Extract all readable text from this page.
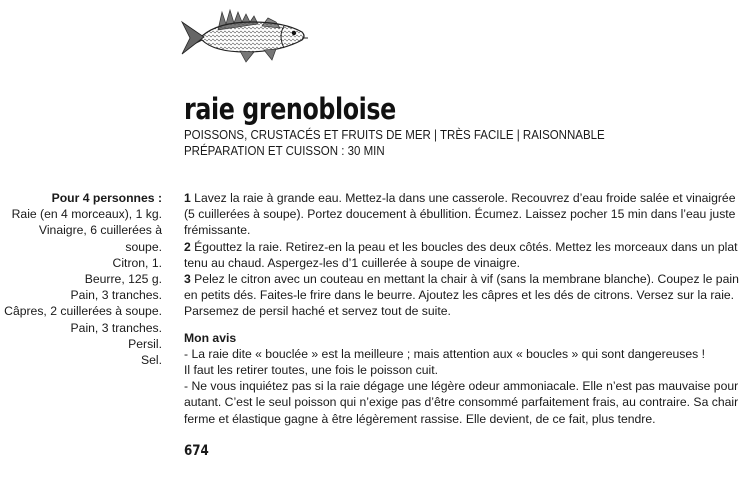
raie grenobloise
POISSONS, CRUSTACÉS ET FRUITS DE MER | TRÈS FACILE | RAISONNABLE
PRÉPARATION ET CUISSON : 30 MIN
Pour 4 personnes :
Raie (en 4 morceaux), 1 kg.
Vinaigre, 6 cuillerées à soupe.
Citron, 1.
Beurre, 125 g.
Pain, 3 tranches.
Câpres, 2 cuillerées à soupe.
Pain, 3 tranches.
Persil.
Sel.

1 Lavez la raie à grande eau. Mettez-la dans une casserole. Recouvrez d’eau froide salée et vinaigrée (5 cuillerées à soupe). Portez doucement à ébullition. Écumez. Laissez pocher 15 min dans l’eau juste frémissante.

2 Égouttez la raie. Retirez-en la peau et les boucles des deux côtés. Mettez les morceaux dans un plat tenu au chaud. Aspergez-les d’1 cuillerée à soupe de vinaigre.

3 Pelez le citron avec un couteau en mettant la chair à vif (sans la membrane blanche). Coupez le pain en petits dés. Faites-le frire dans le beurre. Ajoutez les câpres et les dés de citrons. Versez sur la raie. Parsemez de persil haché et servez tout de suite.

Mon avis

- La raie dite « bouclée » est la meilleure ; mais attention aux « boucles » qui sont dangereuses !

Il faut les retirer toutes, une fois le poisson cuit.

- Ne vous inquiétez pas si la raie dégage une légère odeur ammoniacale. Elle n’est pas mauvaise pour autant. C’est le seul poisson qui n’exige pas d’être consommé parfaitement frais, au contraire. Sa chair ferme et élastique gagne à être légèrement rassise. Elle devient, de ce fait, plus tendre.

674
